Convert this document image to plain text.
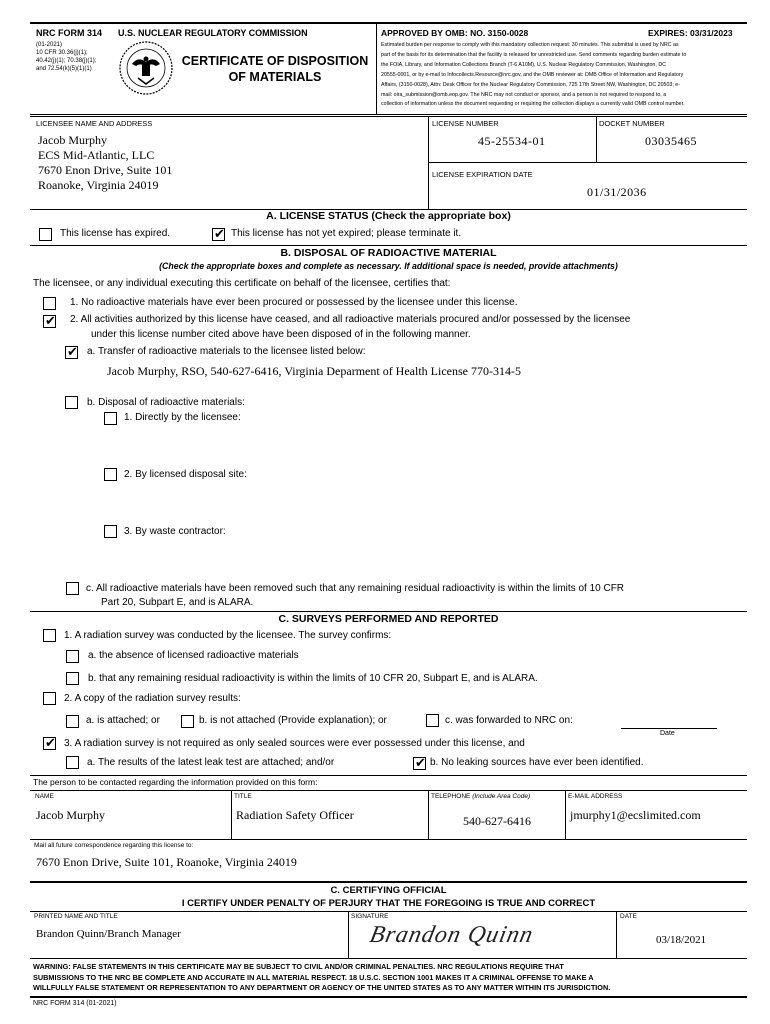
NRC FORM 314 U.S. NUCLEAR REGULATORY COMMISSION
(01-2021)
10 CFR 30.36(j)(1);
40.42(j)(1); 70.38(j)(1);
and 72.54(k)(5)(1)(1)
CERTIFICATE OF DISPOSITION
OF MATERIALS
APPROVED BY OMB: NO. 3150-0028	EXPIRES: 03/31/2023
Estimated burden per response to comply with this mandatory collection request: 30 minutes. This submittal is used by NRC as
part of the basis for its determination that the facility is released for unrestricted use. Send comments regarding burden estimate to
the FOIA, Library, and Information Collections Branch (T-6 A10M), U.S. Nuclear Regulatory Commission, Washington, DC
20555-0001, or by e-mail to Infocollects.Resource@nrc.gov, and the OMB reviewer at: OMB Office of Information and Regulatory
Affairs, (3150-0028), Attn: Desk Officer for the Nuclear Regulatory Commission, 725 17th Street NW, Washington, DC 20503; e-
mail: oira_submission@omb.eop.gov. The NRC may not conduct or sponsor, and a person is not required to respond to, a
collection of information unless the document requesting or requiring the collection displays a currently valid OMB control number.
LICENSEE NAME AND ADDRESS
Jacob Murphy
ECS Mid-Atlantic, LLC
7670 Enon Drive, Suite 101
Roanoke, Virginia 24019
LICENSE NUMBER
45-25534-01
DOCKET NUMBER
03035465
LICENSE EXPIRATION DATE
01/31/2036
A. LICENSE STATUS (Check the appropriate box)
This license has expired.	✔ This license has not yet expired; please terminate it.
B. DISPOSAL OF RADIOACTIVE MATERIAL
(Check the appropriate boxes and complete as necessary. If additional space is needed, provide attachments)
The licensee, or any individual executing this certificate on behalf of the licensee, certifies that:
1. No radioactive materials have ever been procured or possessed by the licensee under this license.
✔ 2. All activities authorized by this license have ceased, and all radioactive materials procured and/or possessed by the licensee
under this license number cited above have been disposed of in the following manner.
✔ a. Transfer of radioactive materials to the licensee listed below:
Jacob Murphy, RSO, 540-627-6416, Virginia Deparment of Health License 770-314-5
b. Disposal of radioactive materials:
1. Directly by the licensee:
2. By licensed disposal site:
3. By waste contractor:
c. All radioactive materials have been removed such that any remaining residual radioactivity is within the limits of 10 CFR
Part 20, Subpart E, and is ALARA.
C. SURVEYS PERFORMED AND REPORTED
1. A radiation survey was conducted by the licensee. The survey confirms:
a. the absence of licensed radioactive materials
b. that any remaining residual radioactivity is within the limits of 10 CFR 20, Subpart E, and is ALARA.
2. A copy of the radiation survey results:
a. is attached; or	b. is not attached (Provide explanation); or	c. was forwarded to NRC on:
Date
✔ 3. A radiation survey is not required as only sealed sources were ever possessed under this license, and
a. The results of the latest leak test are attached; and/or	✔ b. No leaking sources have ever been identified.
The person to be contacted regarding the information provided on this form:
NAME
Jacob Murphy
TITLE
Radiation Safety Officer
TELEPHONE (Include Area Code)
540-627-6416
E-MAIL ADDRESS
jmurphy1@ecslimited.com
Mail all future correspondence regarding this license to:
7670 Enon Drive, Suite 101, Roanoke, Virginia 24019
C. CERTIFYING OFFICIAL
I CERTIFY UNDER PENALTY OF PERJURY THAT THE FOREGOING IS TRUE AND CORRECT
PRINTED NAME AND TITLE
Brandon Quinn/Branch Manager
SIGNATURE
Brandon Quinn
DATE
03/18/2021
WARNING: FALSE STATEMENTS IN THIS CERTIFICATE MAY BE SUBJECT TO CIVIL AND/OR CRIMINAL PENALTIES. NRC REGULATIONS REQUIRE THAT
SUBMISSIONS TO THE NRC BE COMPLETE AND ACCURATE IN ALL MATERIAL RESPECT. 18 U.S.C. SECTION 1001 MAKES IT A CRIMINAL OFFENSE TO MAKE A
WILLFULLY FALSE STATEMENT OR REPRESENTATION TO ANY DEPARTMENT OR AGENCY OF THE UNITED STATES AS TO ANY MATTER WITHIN ITS JURISDICTION.
NRC FORM 314 (01-2021)
